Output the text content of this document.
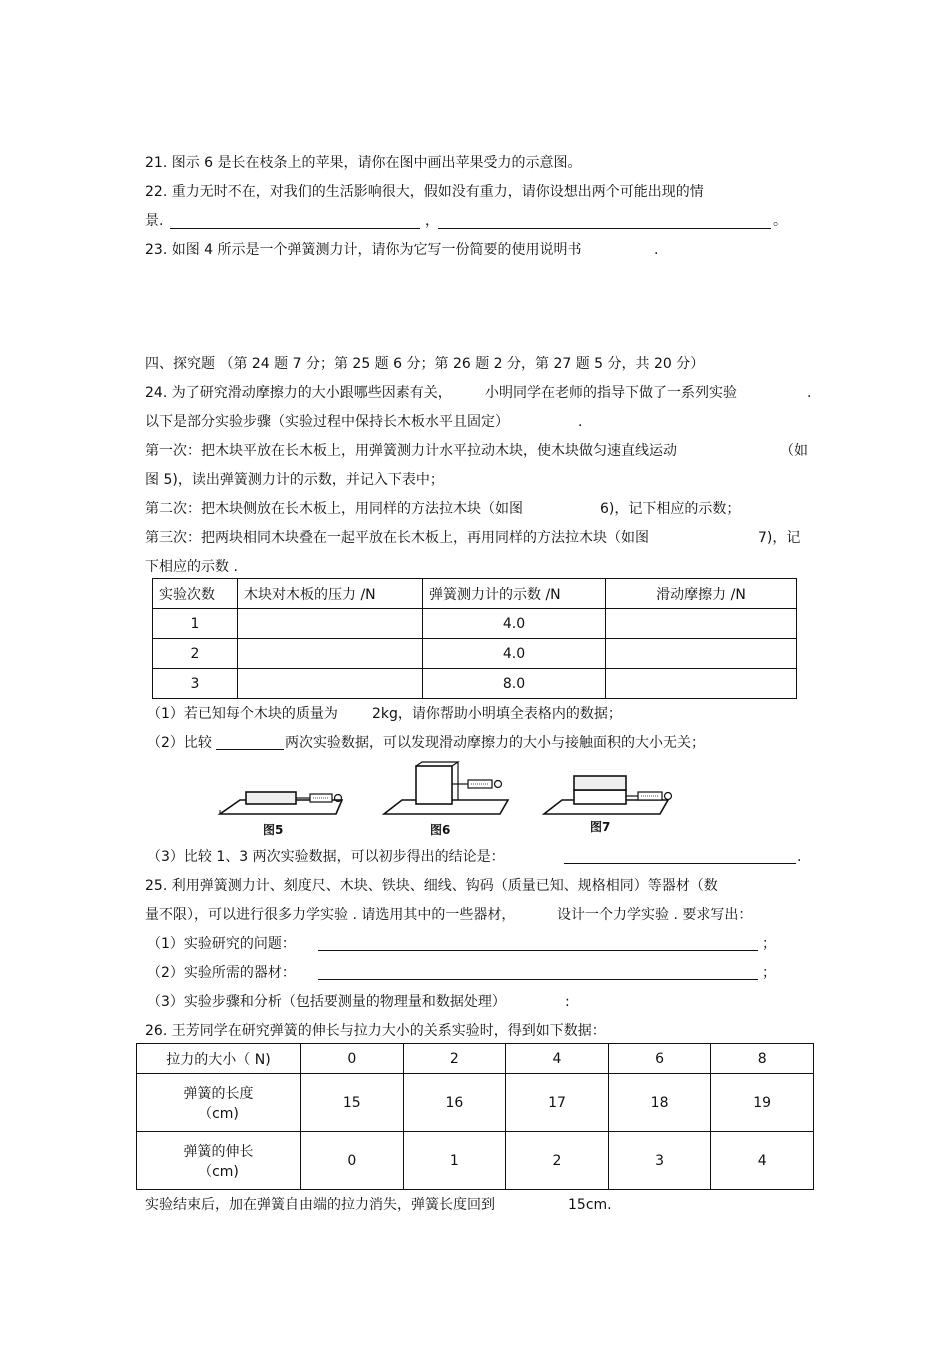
21. 图示 6 是长在枝条上的苹果，请你在图中画出苹果受力的示意图。
22. 重力无时不在，对我们的生活影响很大，假如没有重力，请你设想出两个可能出现的情
景.	，	。
23. 如图 4 所示是一个弹簧测力计，请你为它写一份简要的使用说明书	.
四、探究题 （第 24 题 7 分；第 25 题 6 分；第 26 题 2 分，第 27 题 5 分，共 20 分）
24. 为了研究滑动摩擦力的大小跟哪些因素有关， 小明同学在老师的指导下做了一系列实验	.
以下是部分实验步骤（实验过程中保持长木板水平且固定）	.
第一次：把木块平放在长木板上，用弹簧测力计水平拉动木块，使木块做匀速直线运动	（如
图 5)，读出弹簧测力计的示数，并记入下表中；
第二次：把木块侧放在长木板上，用同样的方法拉木块（如图	6)，记下相应的示数；
第三次：把两块相同木块叠在一起平放在长木板上，再用同样的方法拉木块（如图	7)，记
下相应的示数 .
实验次数	木块对木板的压力 /N	弹簧测力计的示数 /N	滑动摩擦力 /N
1		4.0	
2		4.0	
3		8.0	
（1）若已知每个木块的质量为 2kg，请你帮助小明填全表格内的数据；
（2）比较	两次实验数据，可以发现滑动摩擦力的大小与接触面积的大小无关；
图5	图6	图7
（3）比较 1、3 两次实验数据，可以初步得出的结论是：	.
25. 利用弹簧测力计、刻度尺、木块、铁块、细线、钩码（质量已知、规格相同）等器材（数
量不限），可以进行很多力学实验 . 请选用其中的一些器材，	设计一个力学实验 . 要求写出：
（1）实验研究的问题：	；
（2）实验所需的器材：	；
（3）实验步骤和分析（包括要测量的物理量和数据处理）	:
26. 王芳同学在研究弹簧的伸长与拉力大小的关系实验时，得到如下数据：
拉力的大小（ N)	0	2	4	6	8

弹簧的长度
（cm)	15	16	17	18	19

弹簧的伸长
（cm)	0	1	2	3	4
实验结束后，加在弹簧自由端的拉力消失，弹簧长度回到	15cm.
